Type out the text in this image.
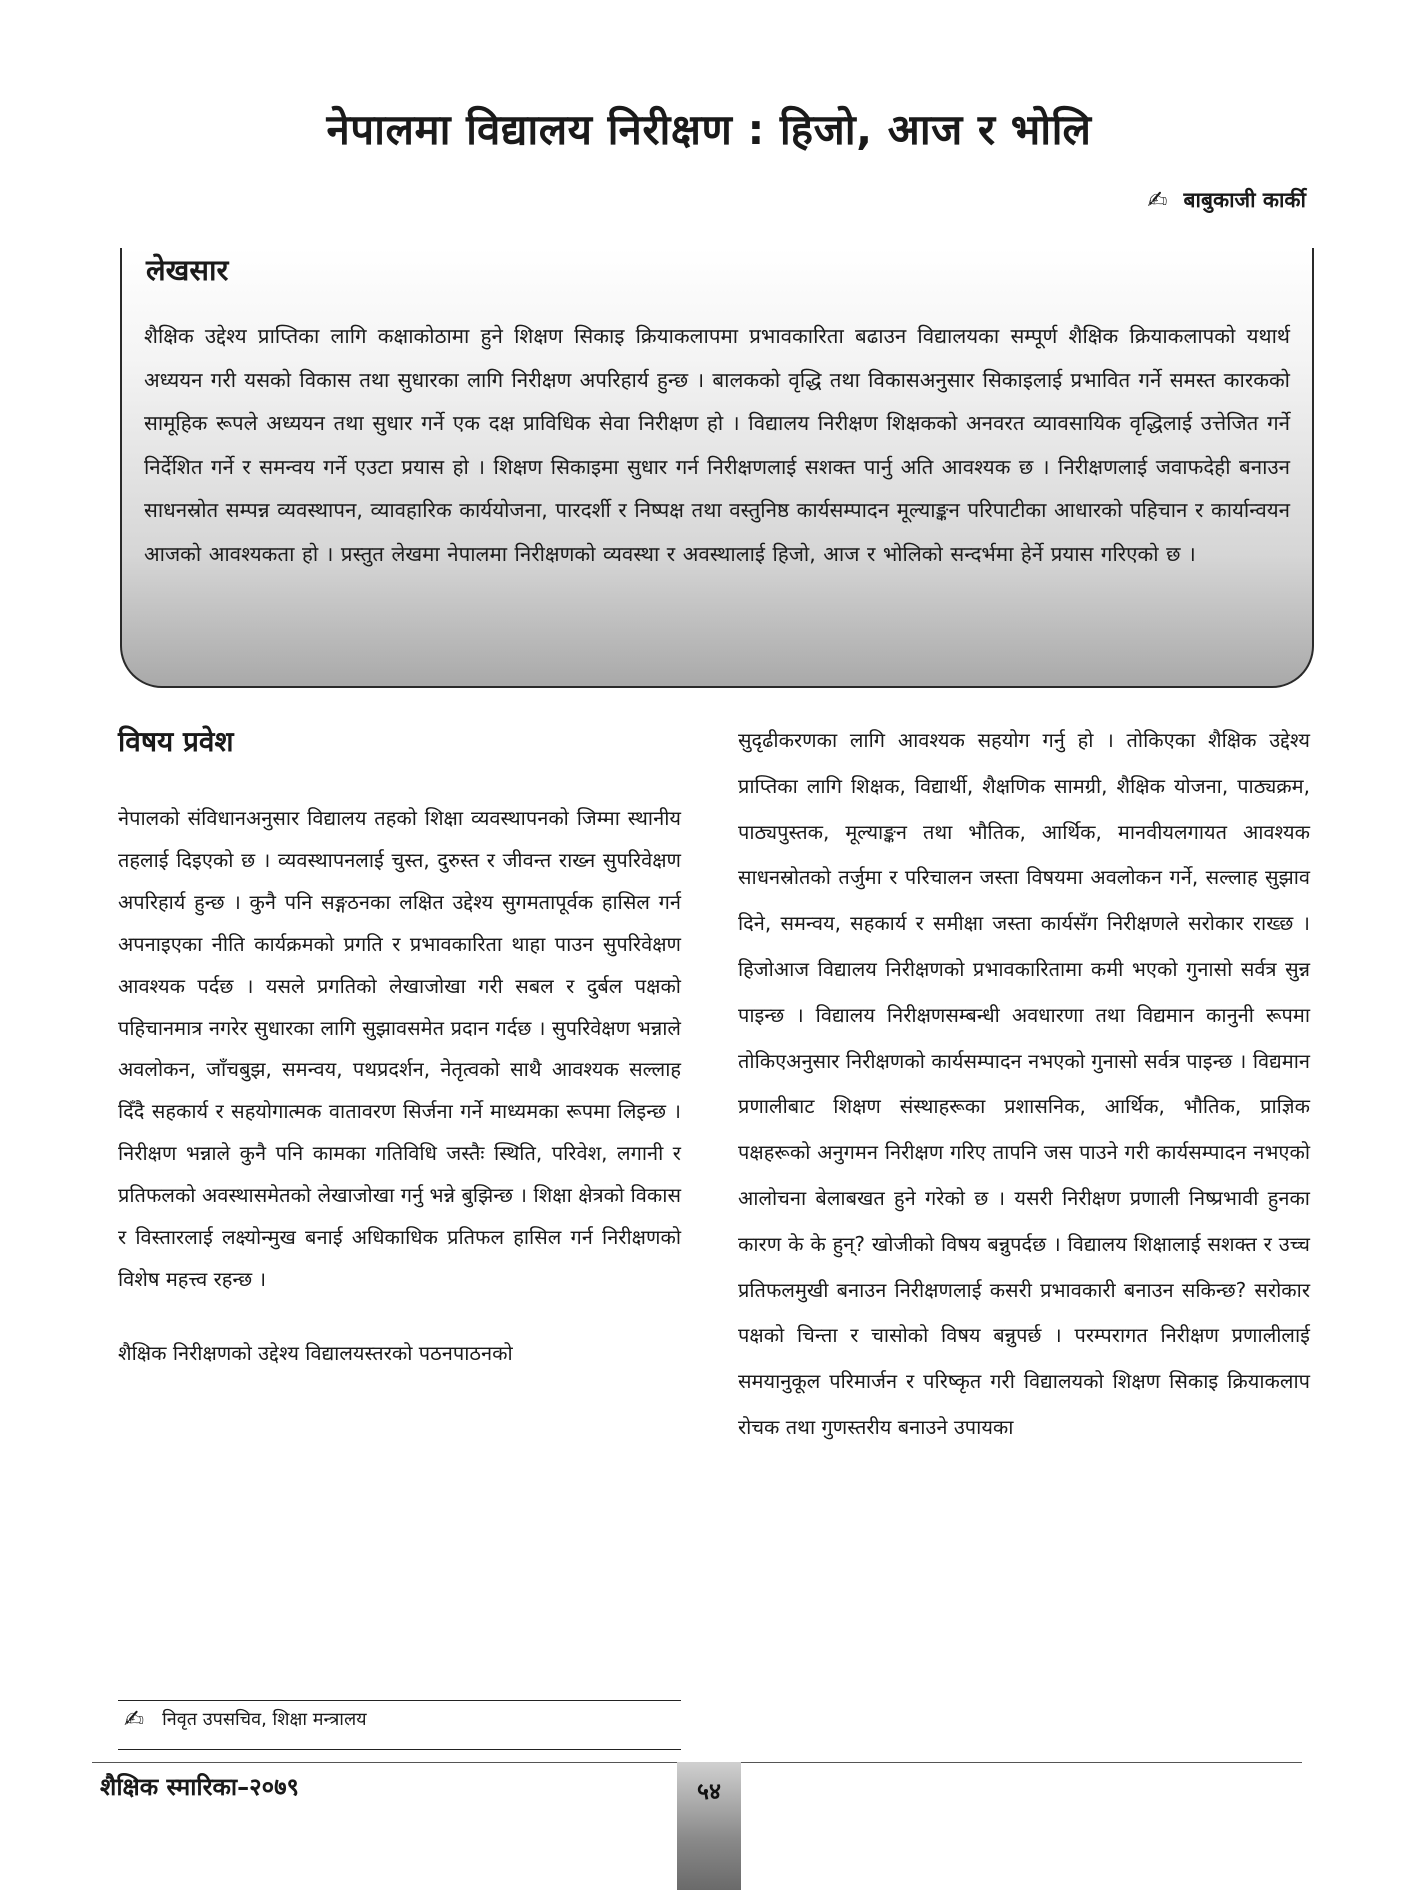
नेपालमा विद्यालय निरीक्षण : हिजो, आज र भोलि
✍ बाबुकाजी कार्की
लेखसार

शैक्षिक उद्देश्य प्राप्तिका लागि कक्षाकोठामा हुने शिक्षण सिकाइ क्रियाकलापमा प्रभावकारिता बढाउन विद्यालयका सम्पूर्ण शैक्षिक क्रियाकलापको यथार्थ अध्ययन गरी यसको विकास तथा सुधारका लागि निरीक्षण अपरिहार्य हुन्छ । बालकको वृद्धि तथा विकासअनुसार सिकाइलाई प्रभावित गर्ने समस्त कारकको सामूहिक रूपले अध्ययन तथा सुधार गर्ने एक दक्ष प्राविधिक सेवा निरीक्षण हो । विद्यालय निरीक्षण शिक्षकको अनवरत व्यावसायिक वृद्धिलाई उत्तेजित गर्ने निर्देशित गर्ने र समन्वय गर्ने एउटा प्रयास हो । शिक्षण सिकाइमा सुधार गर्न निरीक्षणलाई सशक्त पार्नु अति आवश्यक छ । निरीक्षणलाई जवाफदेही बनाउन साधनस्रोत सम्पन्न व्यवस्थापन, व्यावहारिक कार्ययोजना, पारदर्शी र निष्पक्ष तथा वस्तुनिष्ठ कार्यसम्पादन मूल्याङ्कन परिपाटीका आधारको पहिचान र कार्यान्वयन आजको आवश्यकता हो । प्रस्तुत लेखमा नेपालमा निरीक्षणको व्यवस्था र अवस्थालाई हिजो, आज र भोलिको सन्दर्भमा हेर्ने प्रयास गरिएको छ ।

विषय प्रवेश

नेपालको संविधानअनुसार विद्यालय तहको शिक्षा व्यवस्थापनको जिम्मा स्थानीय तहलाई दिइएको छ । व्यवस्थापनलाई चुस्त, दुरुस्त र जीवन्त राख्न सुपरिवेक्षण अपरिहार्य हुन्छ । कुनै पनि सङ्गठनका लक्षित उद्देश्य सुगमतापूर्वक हासिल गर्न अपनाइएका नीति कार्यक्रमको प्रगति र प्रभावकारिता थाहा पाउन सुपरिवेक्षण आवश्यक पर्दछ । यसले प्रगतिको लेखाजोखा गरी सबल र दुर्बल पक्षको पहिचानमात्र नगरेर सुधारका लागि सुझावसमेत प्रदान गर्दछ । सुपरिवेक्षण भन्नाले अवलोकन, जाँचबुझ, समन्वय, पथप्रदर्शन, नेतृत्वको साथै आवश्यक सल्लाह दिँदै सहकार्य र सहयोगात्मक वातावरण सिर्जना गर्ने माध्यमका रूपमा लिइन्छ । निरीक्षण भन्नाले कुनै पनि कामका गतिविधि जस्तैः स्थिति, परिवेश, लगानी र प्रतिफलको अवस्थासमेतको लेखाजोखा गर्नु भन्ने बुझिन्छ । शिक्षा क्षेत्रको विकास र विस्तारलाई लक्ष्योन्मुख बनाई अधिकाधिक प्रतिफल हासिल गर्न निरीक्षणको विशेष महत्त्व रहन्छ ।

शैक्षिक निरीक्षणको उद्देश्य विद्यालयस्तरको पठनपाठनको

सुदृढीकरणका लागि आवश्यक सहयोग गर्नु हो । तोकिएका शैक्षिक उद्देश्य प्राप्तिका लागि शिक्षक, विद्यार्थी, शैक्षणिक सामग्री, शैक्षिक योजना, पाठ्यक्रम, पाठ्यपुस्तक, मूल्याङ्कन तथा भौतिक, आर्थिक, मानवीयलगायत आवश्यक साधनस्रोतको तर्जुमा र परिचालन जस्ता विषयमा अवलोकन गर्ने, सल्लाह सुझाव दिने, समन्वय, सहकार्य र समीक्षा जस्ता कार्यसँग निरीक्षणले सरोकार राख्छ । हिजोआज विद्यालय निरीक्षणको प्रभावकारितामा कमी भएको गुनासो सर्वत्र सुन्न पाइन्छ । विद्यालय निरीक्षणसम्बन्धी अवधारणा तथा विद्यमान कानुनी रूपमा तोकिएअनुसार निरीक्षणको कार्यसम्पादन नभएको गुनासो सर्वत्र पाइन्छ । विद्यमान प्रणालीबाट शिक्षण संस्थाहरूका प्रशासनिक, आर्थिक, भौतिक, प्राज्ञिक पक्षहरूको अनुगमन निरीक्षण गरिए तापनि जस पाउने गरी कार्यसम्पादन नभएको आलोचना बेलाबखत हुने गरेको छ । यसरी निरीक्षण प्रणाली निष्प्रभावी हुनका कारण के के हुन्? खोजीको विषय बन्नुपर्दछ । विद्यालय शिक्षालाई सशक्त र उच्च प्रतिफलमुखी बनाउन निरीक्षणलाई कसरी प्रभावकारी बनाउन सकिन्छ? सरोकार पक्षको चिन्ता र चासोको विषय बन्नुपर्छ । परम्परागत निरीक्षण प्रणालीलाई समयानुकूल परिमार्जन र परिष्कृत गरी विद्यालयको शिक्षण सिकाइ क्रियाकलाप रोचक तथा गुणस्तरीय बनाउने उपायका

✍ निवृत उपसचिव, शिक्षा मन्त्रालय
शैक्षिक स्मारिका–२०७९	५४
